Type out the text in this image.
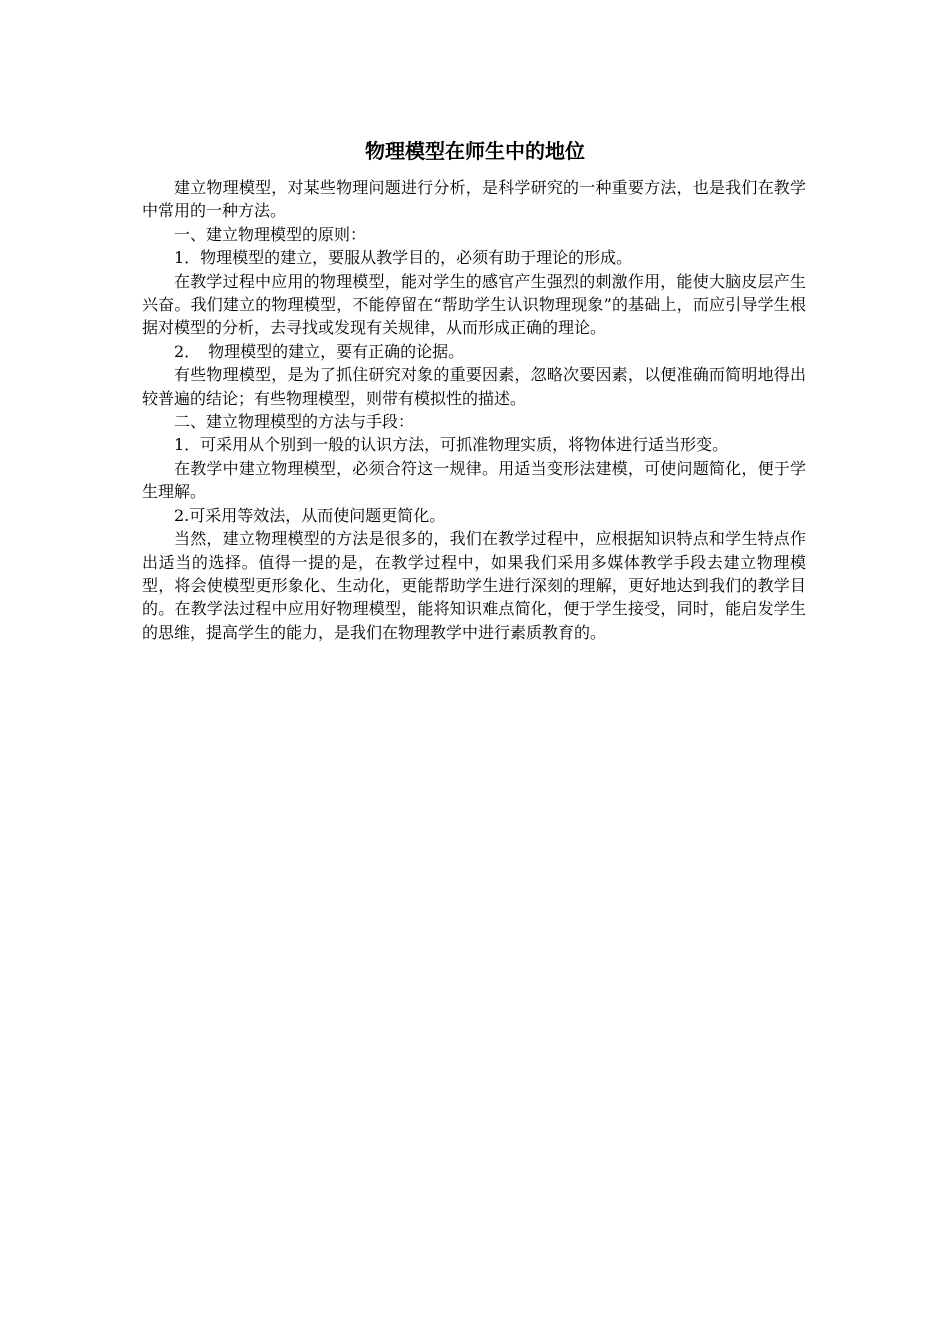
物理模型在师生中的地位

建立物理模型，对某些物理问题进行分析，是科学研究的一种重要方法，也是我们在教学中常用的一种方法。

一、建立物理模型的原则：

1．物理模型的建立，要服从教学目的，必须有助于理论的形成。

在教学过程中应用的物理模型，能对学生的感官产生强烈的刺激作用，能使大脑皮层产生兴奋。我们建立的物理模型，不能停留在“帮助学生认识物理现象”的基础上，而应引导学生根据对模型的分析，去寻找或发现有关规律，从而形成正确的理论。

2．　物理模型的建立，要有正确的论据。

有些物理模型，是为了抓住研究对象的重要因素，忽略次要因素，以便准确而简明地得出较普遍的结论；有些物理模型，则带有模拟性的描述。

二、建立物理模型的方法与手段：

1．可采用从个别到一般的认识方法，可抓准物理实质，将物体进行适当形变。

在教学中建立物理模型，必须合符这一规律。用适当变形法建模，可使问题简化，便于学生理解。

2.可采用等效法，从而使问题更简化。

当然，建立物理模型的方法是很多的，我们在教学过程中，应根据知识特点和学生特点作出适当的选择。值得一提的是，在教学过程中，如果我们采用多媒体教学手段去建立物理模型，将会使模型更形象化、生动化，更能帮助学生进行深刻的理解，更好地达到我们的教学目的。在教学法过程中应用好物理模型，能将知识难点简化，便于学生接受，同时，能启发学生的思维，提高学生的能力，是我们在物理教学中进行素质教育的。
